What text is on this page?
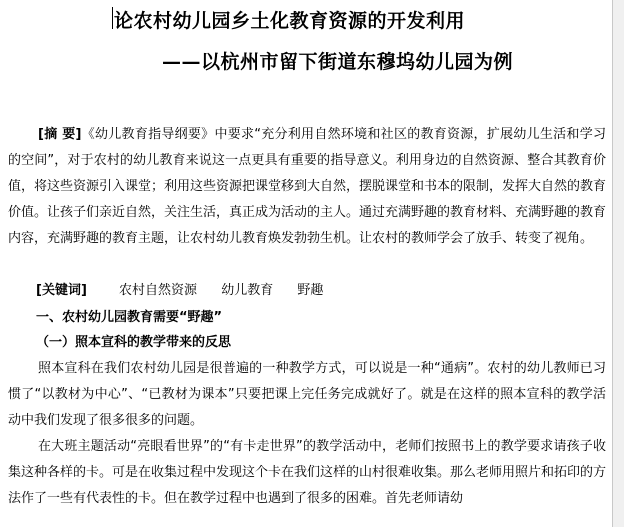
论农村幼儿园乡土化教育资源的开发利用
——以杭州市留下街道东穆坞幼儿园为例

[摘 要]《幼儿教育指导纲要》中要求“充分利用自然环境和社区的教育资源，扩展幼儿生活和学习的空间”，对于农村的幼儿教育来说这一点更具有重要的指导意义。利用身边的自然资源、整合其教育价值，将这些资源引入课堂；利用这些资源把课堂移到大自然，摆脱课堂和书本的限制，发挥大自然的教育价值。让孩子们亲近自然，关注生活，真正成为活动的主人。通过充满野趣的教育材料、充满野趣的教育内容，充满野趣的教育主题，让农村幼儿教育焕发勃勃生机。让农村的教师学会了放手、转变了视角。

[关键词] 农村自然资源 幼儿教育 野趣
一、农村幼儿园教育需要“野趣”
（一）照本宣科的教学带来的反思

照本宣科在我们农村幼儿园是很普遍的一种教学方式，可以说是一种“通病”。农村的幼儿教师已习惯了“以教材为中心”、“已教材为课本”只要把课上完任务完成就好了。就是在这样的照本宣科的教学活动中我们发现了很多很多的问题。

在大班主题活动“亮眼看世界”的“有卡走世界”的教学活动中，老师们按照书上的教学要求请孩子收集这种各样的卡。可是在收集过程中发现这个卡在我们这样的山村很难收集。那么老师用照片和拓印的方法作了一些有代表性的卡。但在教学过程中也遇到了很多的困难。首先老师请幼
